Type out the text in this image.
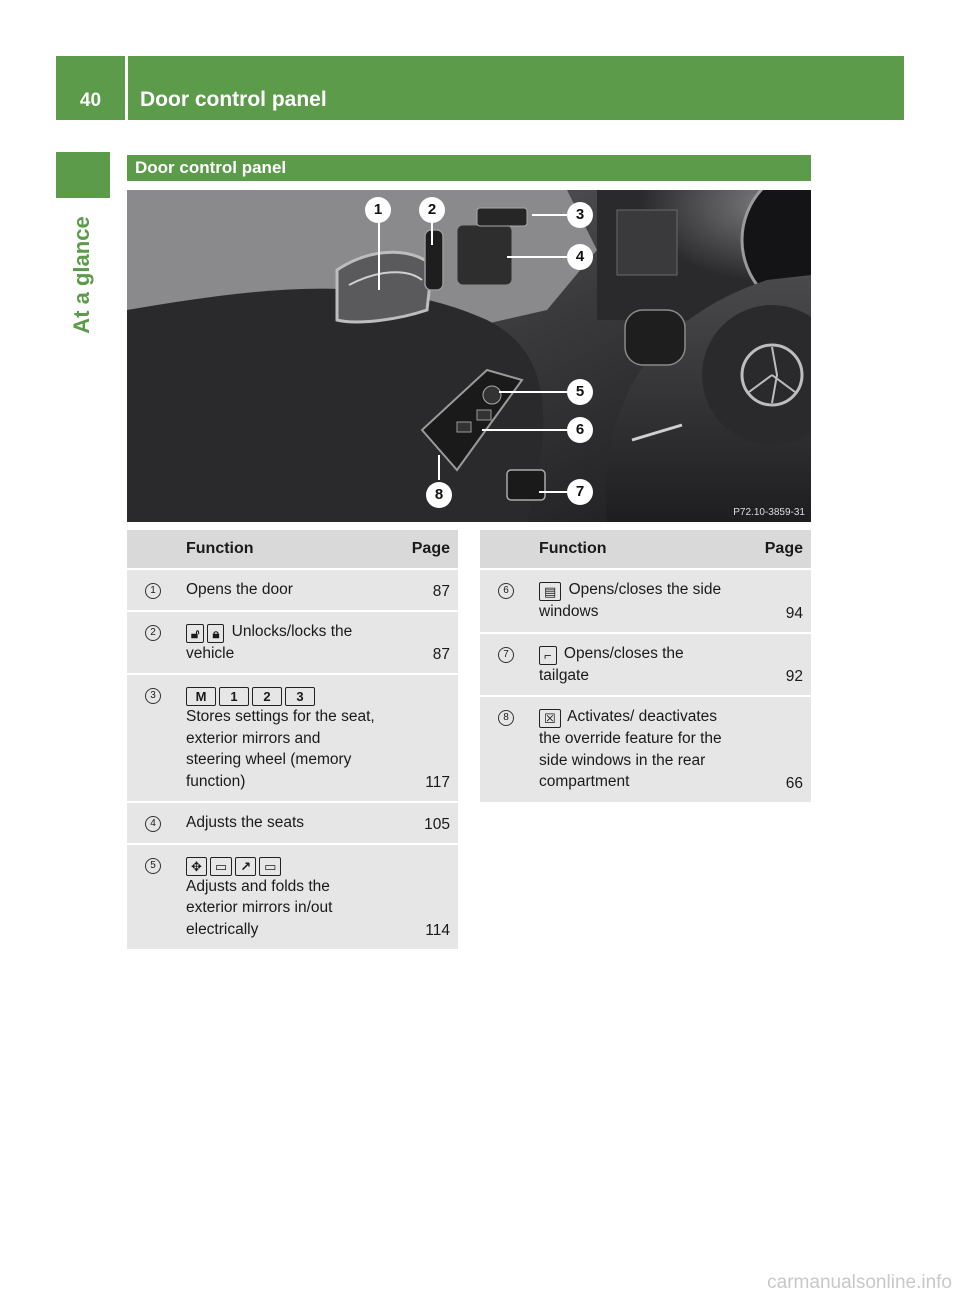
40	Door control panel
At a glance
Door control panel
1	2	3
4
5
6
7
8
P72.10-3859-31
	Function	Page
1	Opens the door	87
2	🔓︎ 🔒︎ Unlocks/locks the vehicle	87
3	M 1 2 3
Stores settings for the seat, exterior mirrors and steering wheel (memory function)	117
4	Adjusts the seats	105
5	✥ ▭ ↗ ▭
Adjusts and folds the exterior mirrors in/out electrically	114
	Function	Page
6	▤ Opens/closes the side windows	94
7	⌐ Opens/closes the tailgate	92
8	☒ Activates/ deactivates the override feature for the side windows in the rear compartment	66
carmanualsonline.info
